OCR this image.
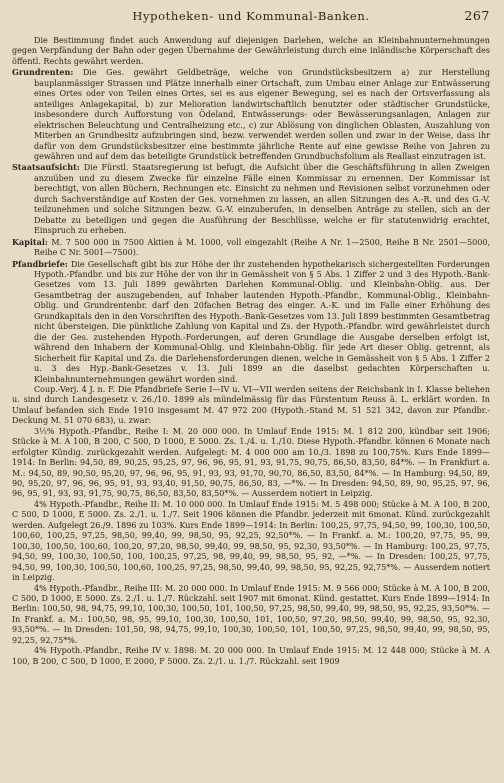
Hypotheken- und Kommunal-Banken.	267

Die Bestimmung findet auch Anwendung auf diejenigen Darlehen, welche an Kleinbahnunternehmungen gegen Verpfändung der Bahn oder gegen Übernahme der Gewährleistung durch eine inländische Körperschaft des öffentl. Rechts gewährt werden.

Grundrenten: Die Ges. gewährt Geldbeträge, welche von Grundstücksbesitzern a) zur Herstellung bauplanmässiger Strassen und Plätze innerhalb einer Ortschaft, zum Umbau einer Anlage zur Entwässerung eines Ortes oder von Teilen eines Ortes, sei es aus eigener Bewegung, sei es nach der Ortsverfassung als anteiliges Anlagekapital, b) zur Melioration landwirtschaftlich benutzter oder städtischer Grundstücke, insbesondere durch Aufforstung von Ödeland, Entwässerungs- oder Bewässerungsanlagen, Anlagen zur elektrischen Beleuchtung und Centralheizung etc., c) zur Ablösung von dinglichen Oblasten, Auszahlung von Miterben an Grundbesitz aufzubringen sind, bezw. verwendet werden sollen und zwar in der Weise, dass ihr dafür von dem Grundstücksbesitzer eine bestimmte jährliche Rente auf eine gewisse Reihe von Jahren zu gewähren und auf dem das beteiligte Grundstück betreffenden Grundbuchsfolium als Reallast einzutragen ist.

Staatsaufsicht: Die Fürstl. Staatsregierung ist befugt, die Aufsicht über die Geschäftsführung in allen Zweigen anzuüben und zu diesem Zwecke für einzelne Fälle einen Kommissar zu ernennen. Der Kommissar ist berechtigt, von allen Büchern, Rechnungen etc. Einsicht zu nehmen und Revisionen selbst vorzunehmen oder durch Sachverständige auf Kosten der Ges. vornehmen zu lassen, an allen Sitzungen des A.-R. und des G.-V. teilzunehmen und solche Sitzungen bezw. G.-V. einzuberufen, in denselben Anträge zu stellen, sich an der Debatte zu beteiligen und gegen die Ausführung der Beschlüsse, welche er für statutenwidrig erachtet, Einspruch zu erheben.

Kapital: M. 7 500 000 in 7500 Aktien à M. 1000, voll eingezahlt (Reihe A Nr. 1—2500, Reihe B Nr. 2501—5000, Reihe C Nr. 5001—7500).

Pfandbriefe: Die Gesellschaft gibt bis zur Höhe der ihr zustehenden hypothekarisch sichergestellten Forderungen Hypoth.-Pfandbr. und bis zur Höhe der von ihr in Gemässheit von § 5 Abs. 1 Ziffer 2 und 3 des Hypoth.-Bank-Gesetzes vom 13. Juli 1899 gewährten Darlehen Kommunal-Oblig. und Kleinbahn-Oblig. aus. Der Gesamtbetrag der auszugebenden, auf Inhaber lautenden Hypoth.-Pfandbr., Kommunal-Oblig., Kleinbahn-Oblig. und Grundrentenbr. darf den 20fachen Betrag des einger. A.-K. und im Falle einer Erhöhung des Grundkapitals den in den Vorschriften des Hypoth.-Bank-Gesetzes vom 13. Juli 1899 bestimmten Gesamtbetrag nicht übersteigen. Die pünktliche Zahlung von Kapital und Zs. der Hypoth.-Pfandbr. wird gewährleistet durch die der Ges. zustehenden Hypoth.-Forderungen, auf deren Grundlage die Ausgabe derselben erfolgt ist, während den Inhabern der Kommunal-Oblig. und Kleinbahn-Oblig. für jede Art dieser Oblig. getrennt, als Sicherheit für Kapital und Zs. die Darlehensforderungen dienen, welche in Gemässheit von § 5 Abs. 1 Ziffer 2 u. 3 des Hyp.-Bank-Gesetzes v. 13. Juli 1899 an die daselbst gedachten Körperschaften u. Kleinbahnunternehmungen gewährt worden sind.

Coup.-Verj. 4 J. n. F. Die Pfandbriefe Serie I—IV u. VI—VII werden seitens der Reichsbank in I. Klasse beliehen u. sind durch Landesgesetz v. 26./10. 1899 als mündelmässig für das Fürstentum Reuss ä. L. erklärt worden. In Umlauf befanden sich Ende 1910 insgesamt M. 47 972 200 (Hypoth.-Stand M. 51 521 342, davon zur Pfandbr.-Deckung M. 51 070 683), u. zwar:

3½% Hypoth.-Pfandbr., Reihe I: M. 20 000 000. In Umlauf Ende 1915: M. 1 812 200, kündbar seit 1906; Stücke à M. A 100, B 200, C 500, D 1000, E 5000. Zs. 1./4. u. 1./10. Diese Hypoth.-Pfandbr. können 6 Monate nach erfolgter Kündig. zurückgezahlt werden. Aufgelegt: M. 4 000 000 am 10./3. 1898 zu 100,75%. Kurs Ende 1899—1914: In Berlin: 94,50, 89, 90,25, 95,25, 97, 96, 96, 95, 91, 93, 91,75, 90,75, 86,50, 83,50, 84*%. — In Frankfurt a. M.: 94,50, 89, 90,50, 95,20, 97, 96, 96, 95, 91, 93, 93, 91,70, 90,70, 86,50, 83,50, 84*%. — In Hamburg: 94,50, 89, 90, 95,20, 97, 96, 96, 95, 91, 93, 93,40, 91,50, 90,75, 86,50, 83, —*%. — In Dresden: 94,50, 89, 90, 95,25, 97, 96, 96, 95, 91, 93, 93, 91,75, 90,75, 86,50, 83,50, 83,50*%. — Ausserdem notiert in Leipzig.

4% Hypoth.-Pfandbr., Reihe II: M. 10 000 000. In Umlauf Ende 1915: M. 5 498 000; Stücke à M. A 100, B 200, C 500, D 1000, E 5000. Zs. 2./1. u. 1./7. Seit 1906 können die Pfandbr. jederzeit mit 6monat. Künd. zurückgezahlt werden. Aufgelegt 26./9. 1896 zu 103%. Kurs Ende 1899—1914: In Berlin: 100,25, 97,75, 94,50, 99, 100,30, 100,50, 100,60, 100,25, 97,25, 98,50, 99,40, 99, 98,50, 95, 92,25, 92,50*%. — In Frankf. a. M.: 100,20, 97,75, 95, 99, 100,30, 100,50, 100,60, 100,20, 97,20, 98,50, 99,40, 99, 98,50, 95, 92,30, 93,50*%. — In Hamburg: 100,25, 97,75, 94,50, 99, 100,30, 100,50, 100, 100,25, 97,25, 98, 99,40, 99, 98,50, 95, 92, —*%. — In Dresden: 100,25, 97,75, 94,50, 99, 100,30, 100,50, 100,60, 100,25, 97,25, 98,50, 99,40, 99, 98,50, 95, 92,25, 92,75*%. — Ausserdem notiert in Leipzig.

4% Hypoth.-Pfandbr., Reihe III: M. 20 000 000. In Umlauf Ende 1915: M. 9 566 000; Stücke à M. A 100, B 200, C 500, D 1000, E 5000. Zs. 2./1. u. 1./7. Rückzahl. seit 1907 mit 6monat. Künd. gestattet. Kurs Ende 1899—1914: In Berlin: 100,50, 98, 94,75, 99,10, 100,30, 100,50, 101, 100,50, 97,25, 98,50, 99,40, 99, 98,50, 95, 92,25, 93,50*%. — In Frankf. a. M.: 100,50, 98, 95, 99,10, 100,30, 100,50, 101, 100,50, 97,20, 98,50, 99,40, 99, 98,50, 95, 92,30, 93,50*%. — In Dresden: 101,50, 98, 94,75, 99,10, 100,30, 100,50, 101, 100,50, 97,25, 98,50, 99,40, 99, 98,50, 95, 92,25, 92,75*%.

4% Hypoth.-Pfandbr., Reihe IV v. 1898: M. 20 000 000. In Umlauf Ende 1915: M. 12 448 000; Stücke à M. A 100, B 200, C 500, D 1000, E 2000, F 5000. Zs. 2./1. u. 1./7. Rückzahl. seit 1909
